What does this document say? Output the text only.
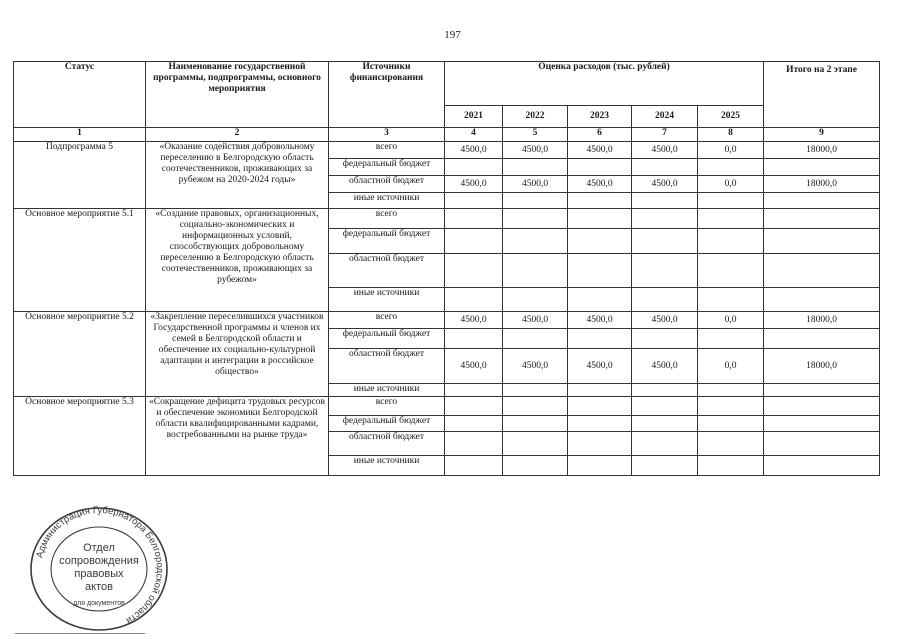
197
Статус	Наименование государственной программы, подпрограммы, основного мероприятия	Источники финансирования	Оценка расходов (тыс. рублей)					Итого на 2 этапе
			2021	2022	2023	2024	2025	
1	2	3	4	5	6	7	8	9
Подпрограмма 5	«Оказание содействия добровольному переселению в Белгородскую область соотечественников, проживающих за рубежом на 2020-2024 годы»	всего	4500,0	4500,0	4500,0	4500,0	0,0	18000,0
		федеральный бюджет						
		областной бюджет	4500,0	4500,0	4500,0	4500,0	0,0	18000,0
		иные источники						
Основное мероприятие 5.1	«Создание правовых, организационных, социально-экономических и информационных условий, способствующих добровольному переселению в Белгородскую область соотечественников, проживающих за рубежом»	всего						
		федеральный бюджет						
		областной бюджет						
		иные источники						
Основное мероприятие 5.2	«Закрепление переселившихся участников Государственной программы и членов их семей в Белгородской области и обеспечение их социально-культурной адаптации и интеграции в российское общество»	всего	4500,0	4500,0	4500,0	4500,0	0,0	18000,0
		федеральный бюджет						
		областной бюджет	4500,0	4500,0	4500,0	4500,0	0,0	18000,0
		иные источники						
Основное мероприятие 5.3	«Сокращение дефицита трудовых ресурсов и обеспечение экономики Белгородской области квалифицированными кадрами, востребованными на рынке труда»	всего						
		федеральный бюджет						
		областной бюджет						
		иные источники						
Администрация Губернатора Белгородской области
Отдел
сопровождения
правовых
актов
для документов
